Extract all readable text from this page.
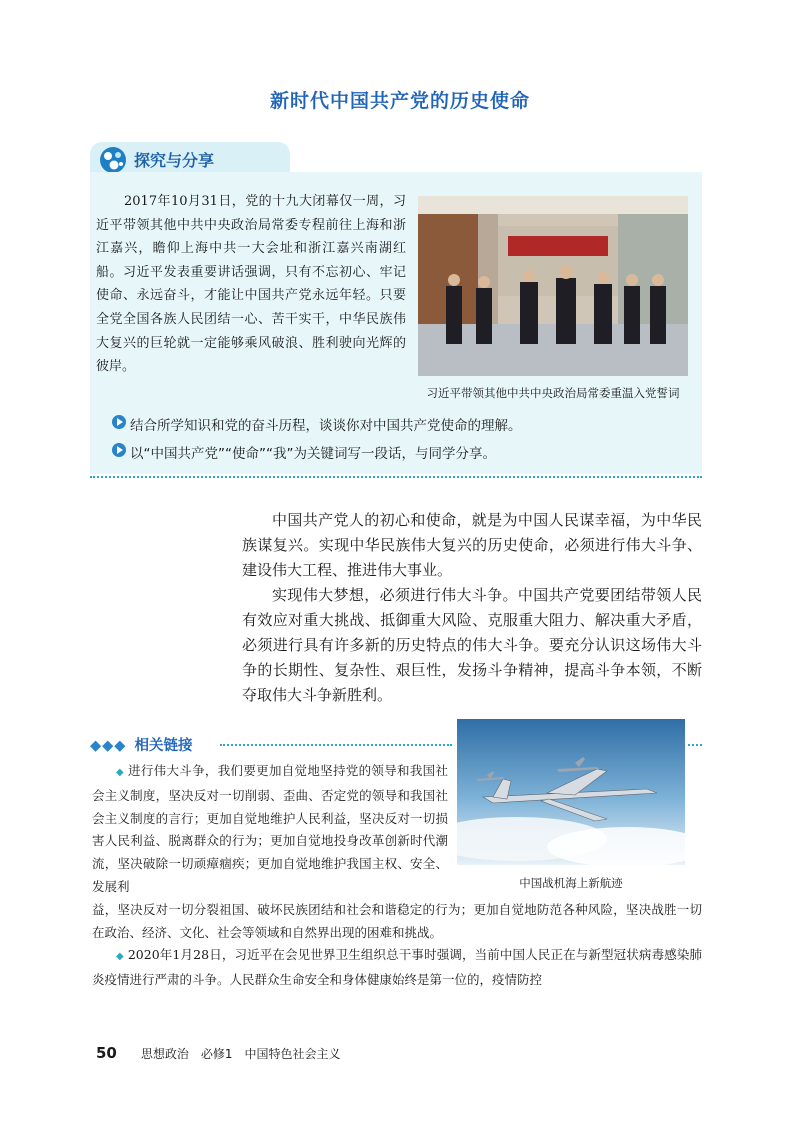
新时代中国共产党的历史使命
探究与分享

2017年10月31日，党的十九大闭幕仅一周，习近平带领其他中共中央政治局常委专程前往上海和浙江嘉兴，瞻仰上海中共一大会址和浙江嘉兴南湖红船。习近平发表重要讲话强调，只有不忘初心、牢记使命、永远奋斗，才能让中国共产党永远年轻。只要全党全国各族人民团结一心、苦干实干，中华民族伟大复兴的巨轮就一定能够乘风破浪、胜利驶向光辉的彼岸。

习近平带领其他中共中央政治局常委重温入党誓词
结合所学知识和党的奋斗历程，谈谈你对中国共产党使命的理解。
以“中国共产党”“使命”“我”为关键词写一段话，与同学分享。

中国共产党人的初心和使命，就是为中国人民谋幸福，为中华民族谋复兴。实现中华民族伟大复兴的历史使命，必须进行伟大斗争、建设伟大工程、推进伟大事业。

实现伟大梦想，必须进行伟大斗争。中国共产党要团结带领人民有效应对重大挑战、抵御重大风险、克服重大阻力、解决重大矛盾，必须进行具有许多新的历史特点的伟大斗争。要充分认识这场伟大斗争的长期性、复杂性、艰巨性，发扬斗争精神，提高斗争本领，不断夺取伟大斗争新胜利。

◆◆◆ 相关链接
中国战机海上新航迹

◆ 进行伟大斗争，我们要更加自觉地坚持党的领导和我国社会主义制度，坚决反对一切削弱、歪曲、否定党的领导和我国社会主义制度的言行；更加自觉地维护人民利益，坚决反对一切损害人民利益、脱离群众的行为；更加自觉地投身改革创新时代潮流，坚决破除一切顽瘴痼疾；更加自觉地维护我国主权、安全、发展利

益，坚决反对一切分裂祖国、破坏民族团结和社会和谐稳定的行为；更加自觉地防范各种风险，坚决战胜一切在政治、经济、文化、社会等领域和自然界出现的困难和挑战。

◆ 2020年1月28日，习近平在会见世界卫生组织总干事时强调，当前中国人民正在与新型冠状病毒感染肺炎疫情进行严肃的斗争。人民群众生命安全和身体健康始终是第一位的，疫情防控

50 思想政治　必修1　中国特色社会主义
